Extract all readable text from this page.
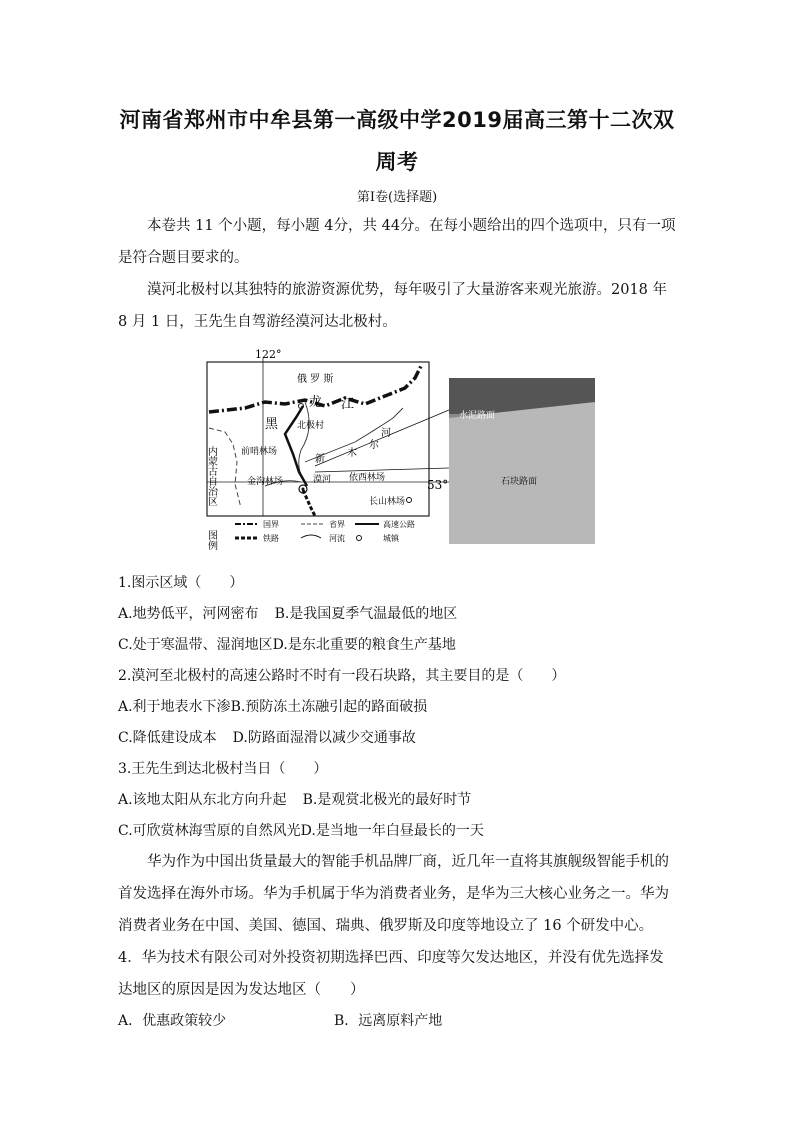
河南省郑州市中牟县第一高级中学2019届高三第十二次双
周考
第Ⅰ卷(选择题)

本卷共 11 个小题，每小题 4分，共 44分。在每小题给出的四个选项中，只有一项是符合题目要求的。

漠河北极村以其独特的旅游资源优势，每年吸引了大量游客来观光旅游。2018 年 8 月 1 日，王先生自驾游经漠河达北极村。

122°
53°
俄 罗 斯
龙 江
黑 北极村
河
尔
木
新
前哨林场
金沟林场	漠河 依西林场
长山林场
内蒙古自治区
图例
国界	省界	高速公路
铁路	河流	城镇
水泥路面
石块路面
1.图示区域（　　）
A.地势低平，河网密布 B.是我国夏季气温最低的地区
C.处于寒温带、湿润地区D.是东北重要的粮食生产基地
2.漠河至北极村的高速公路时不时有一段石块路，其主要目的是（　　）
A.利于地表水下渗B.预防冻土冻融引起的路面破损
C.降低建设成本 D.防路面湿滑以减少交通事故
3.王先生到达北极村当日（　　）
A.该地太阳从东北方向升起 B.是观赏北极光的最好时节
C.可欣赏林海雪原的自然风光D.是当地一年白昼最长的一天

华为作为中国出货量最大的智能手机品牌厂商，近几年一直将其旗舰级智能手机的首发选择在海外市场。华为手机属于华为消费者业务，是华为三大核心业务之一。华为消费者业务在中国、美国、德国、瑞典、俄罗斯及印度等地设立了 16 个研发中心。

4．华为技术有限公司对外投资初期选择巴西、印度等欠发达地区，并没有优先选择发达地区的原因是因为发达地区（　　）

A．优惠政策较少	B．远离原料产地
